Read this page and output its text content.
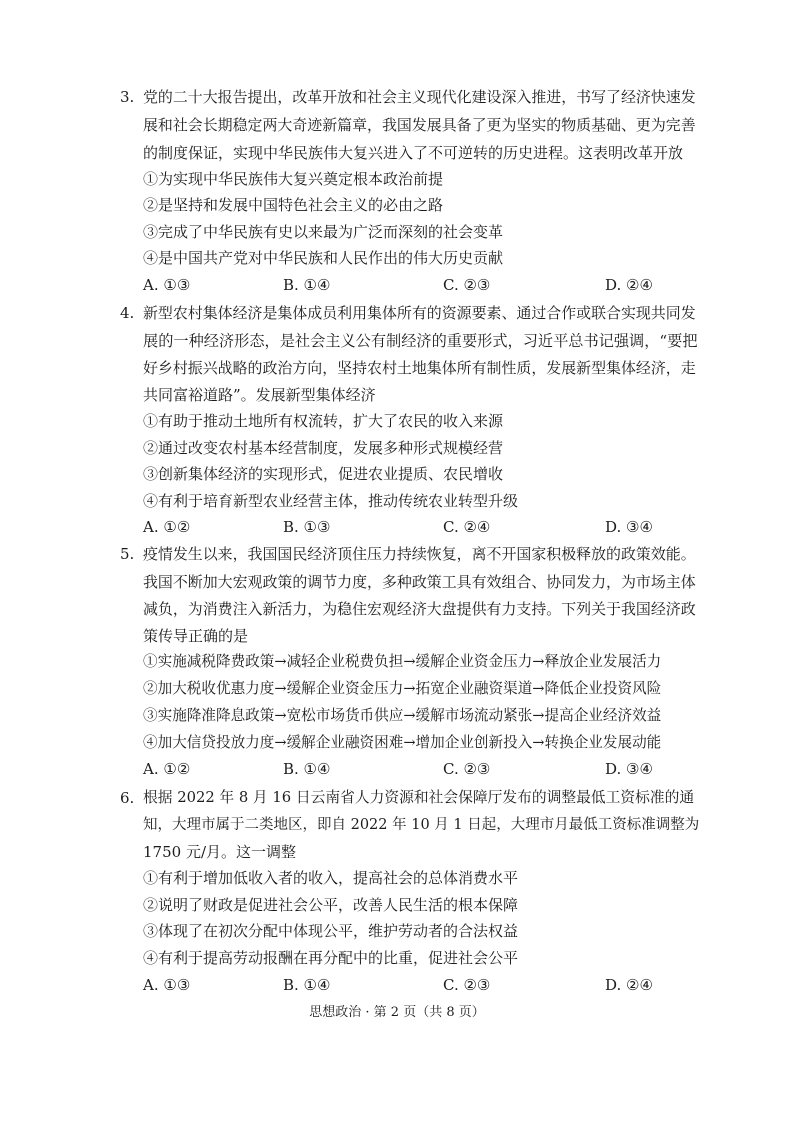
3. 党的二十大报告提出，改革开放和社会主义现代化建设深入推进，书写了经济快速发
展和社会长期稳定两大奇迹新篇章，我国发展具备了更为坚实的物质基础、更为完善
的制度保证，实现中华民族伟大复兴进入了不可逆转的历史进程。这表明改革开放
①为实现中华民族伟大复兴奠定根本政治前提
②是坚持和发展中国特色社会主义的必由之路
③完成了中华民族有史以来最为广泛而深刻的社会变革
④是中国共产党对中华民族和人民作出的伟大历史贡献
A. ①③	B. ①④	C. ②③	D. ②④
4. 新型农村集体经济是集体成员利用集体所有的资源要素、通过合作或联合实现共同发
展的一种经济形态，是社会主义公有制经济的重要形式，习近平总书记强调，“要把
好乡村振兴战略的政治方向，坚持农村土地集体所有制性质，发展新型集体经济，走
共同富裕道路”。发展新型集体经济
①有助于推动土地所有权流转，扩大了农民的收入来源
②通过改变农村基本经营制度，发展多种形式规模经营
③创新集体经济的实现形式，促进农业提质、农民增收
④有利于培育新型农业经营主体，推动传统农业转型升级
A. ①②	B. ①③	C. ②④	D. ③④
5. 疫情发生以来，我国国民经济顶住压力持续恢复，离不开国家积极释放的政策效能。
我国不断加大宏观政策的调节力度，多种政策工具有效组合、协同发力，为市场主体
减负，为消费注入新活力，为稳住宏观经济大盘提供有力支持。下列关于我国经济政
策传导正确的是
①实施减税降费政策→减轻企业税费负担→缓解企业资金压力→释放企业发展活力
②加大税收优惠力度→缓解企业资金压力→拓宽企业融资渠道→降低企业投资风险
③实施降准降息政策→宽松市场货币供应→缓解市场流动紧张→提高企业经济效益
④加大信贷投放力度→缓解企业融资困难→增加企业创新投入→转换企业发展动能
A. ①②	B. ①④	C. ②③	D. ③④
6. 根据 2022 年 8 月 16 日云南省人力资源和社会保障厅发布的调整最低工资标准的通
知，大理市属于二类地区，即自 2022 年 10 月 1 日起，大理市月最低工资标准调整为
1750 元/月。这一调整
①有利于增加低收入者的收入，提高社会的总体消费水平
②说明了财政是促进社会公平，改善人民生活的根本保障
③体现了在初次分配中体现公平，维护劳动者的合法权益
④有利于提高劳动报酬在再分配中的比重，促进社会公平
A. ①③	B. ①④	C. ②③	D. ②④
思想政治 · 第 2 页（共 8 页）
